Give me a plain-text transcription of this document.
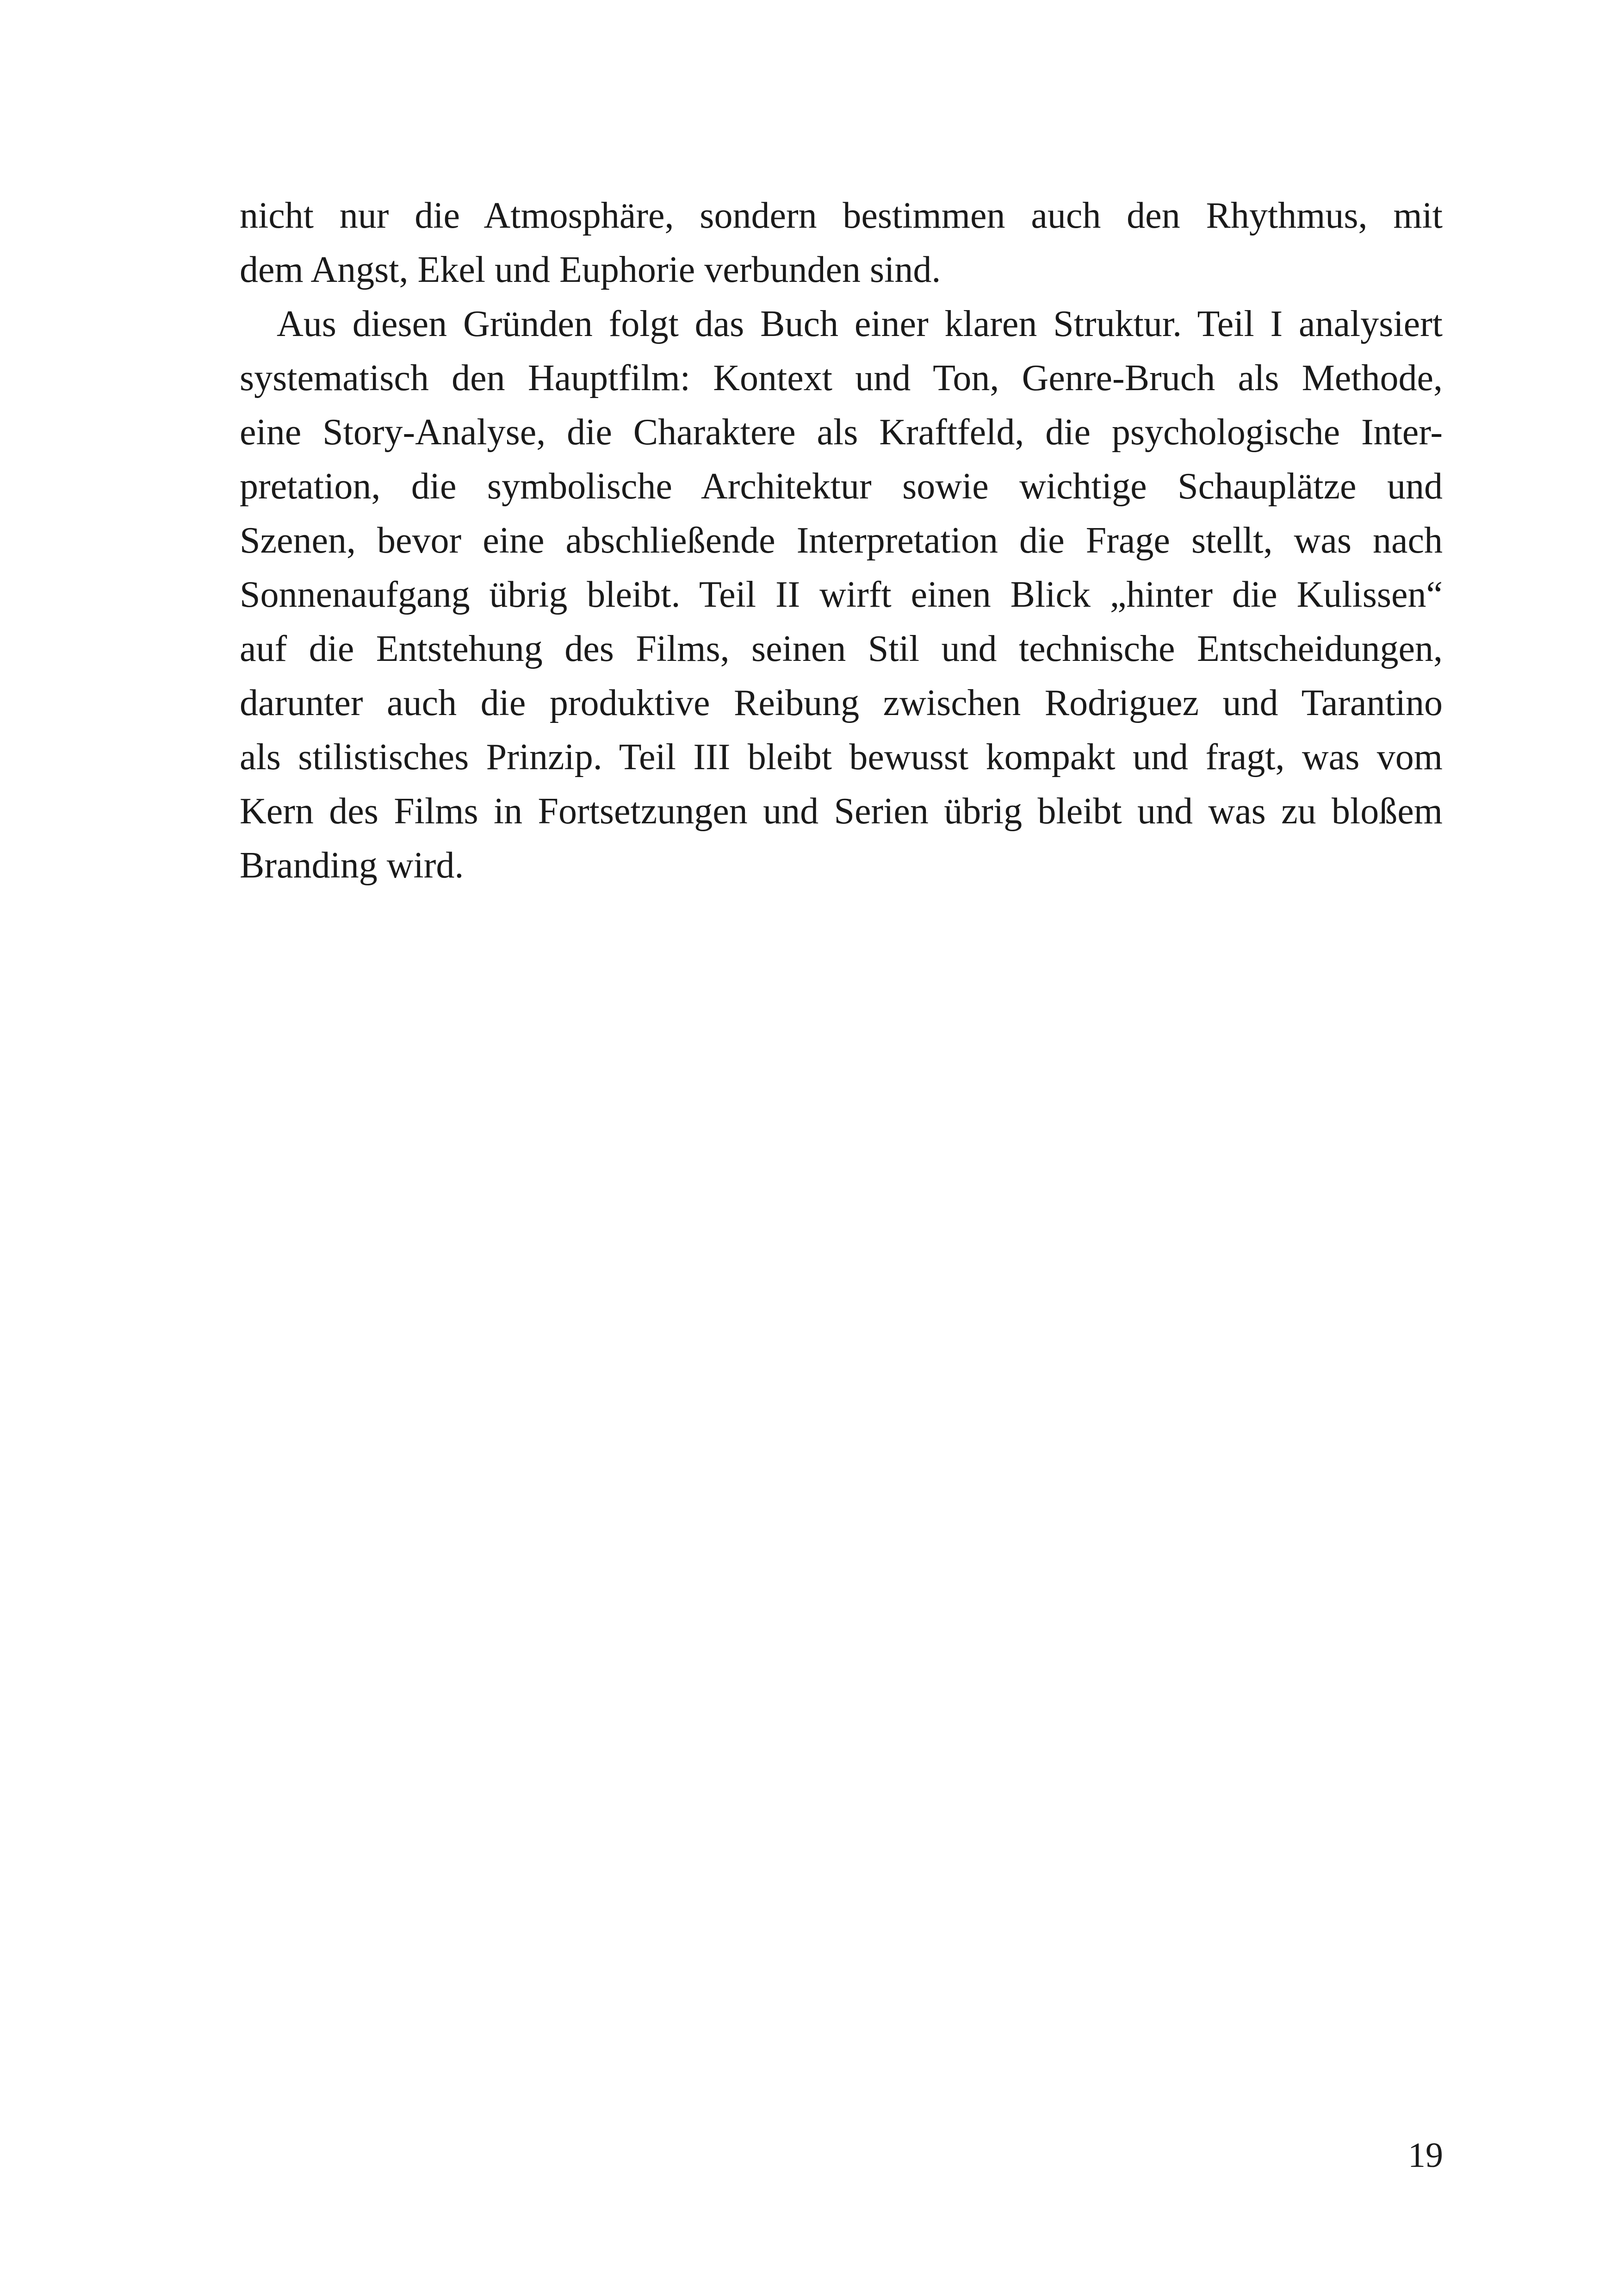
nicht nur die Atmosphäre, sondern bestimmen auch den Rhythmus, mit
dem Angst, Ekel und Euphorie verbunden sind.
Aus diesen Gründen folgt das Buch einer klaren Struktur. Teil I analysiert
systematisch den Hauptfilm: Kontext und Ton, Genre-Bruch als Methode,
eine Story-Analyse, die Charaktere als Kraftfeld, die psychologische Inter-
pretation, die symbolische Architektur sowie wichtige Schauplätze und
Szenen, bevor eine abschließende Interpretation die Frage stellt, was nach
Sonnenaufgang übrig bleibt. Teil II wirft einen Blick „hinter die Kulissen“
auf die Entstehung des Films, seinen Stil und technische Entscheidungen,
darunter auch die produktive Reibung zwischen Rodriguez und Tarantino
als stilistisches Prinzip. Teil III bleibt bewusst kompakt und fragt, was vom
Kern des Films in Fortsetzungen und Serien übrig bleibt und was zu bloßem
Branding wird.
19
